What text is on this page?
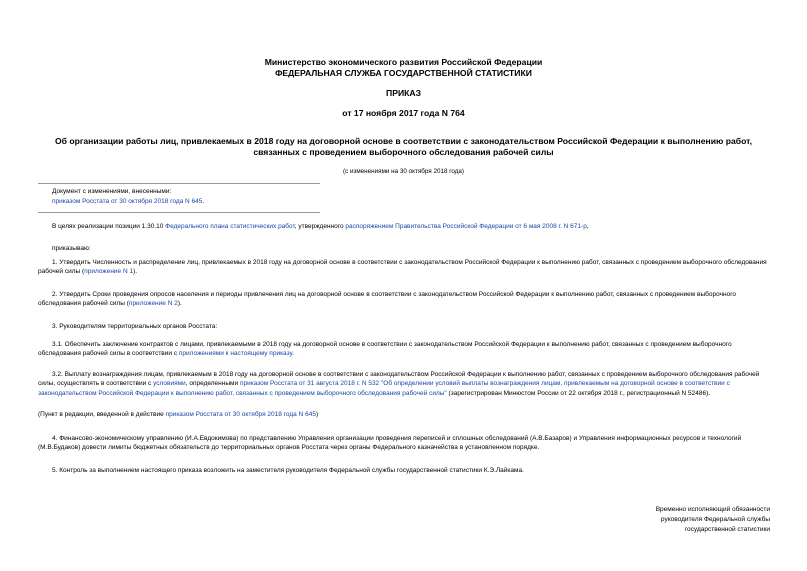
Министерство экономического развития Российской Федерации
ФЕДЕРАЛЬНАЯ СЛУЖБА ГОСУДАРСТВЕННОЙ СТАТИСТИКИ
ПРИКАЗ
от 17 ноября 2017 года N 764
Об организации работы лиц, привлекаемых в 2018 году на договорной основе в соответствии с законодательством Российской Федерации к выполнению работ,
связанных с проведением выборочного обследования рабочей силы
(с изменениями на 30 октября 2018 года)
Документ с изменениями, внесенными:
приказом Росстата от 30 октября 2018 года N 645.
В целях реализации позиции 1.30.10 Федерального плана статистических работ, утвержденного распоряжением Правительства Российской Федерации от 6 мая 2008 г. N 671-р,
приказываю:
1. Утвердить Численность и распределение лиц, привлекаемых в 2018 году на договорной основе в соответствии с законодательством Российской Федерации к выполнению работ, связанных с проведением выборочного обследования рабочей силы (приложение N 1).
2. Утвердить Сроки проведения опросов населения и периоды привлечения лиц на договорной основе в соответствии с законодательством Российской Федерации к выполнению работ, связанных с проведением выборочного обследования рабочей силы (приложение N 2).
3. Руководителям территориальных органов Росстата:
3.1. Обеспечить заключение контрактов с лицами, привлекаемыми в 2018 году на договорной основе в соответствии с законодательством Российской Федерации к выполнению работ, связанных с проведением выборочного обследования рабочей силы в соответствии с приложениями к настоящему приказу.
3.2. Выплату вознаграждения лицам, привлекаемым в 2018 году на договорной основе в соответствии с законодательством Российской Федерации к выполнению работ, связанных с проведением выборочного обследования рабочей силы, осуществлять в соответствии с условиями, определенными приказом Росстата от 31 августа 2018 г. N 532 "Об определении условий выплаты вознаграждения лицам, привлекаемым на договорной основе в соответствии с законодательством Российской Федерации к выполнению работ, связанных с проведением выборочного обследования рабочей силы" (зарегистрирован Минюстом России от 22 октября 2018 г., регистрационный N 52486).
(Пункт в редакции, введенной в действие приказом Росстата от 30 октября 2018 года N 645)
4. Финансово-экономическому управлению (И.А.Евдокимова) по представлению Управления организации проведения переписей и сплошных обследований (А.В.Базаров) и Управления информационных ресурсов и технологий (М.В.Будаков) довести лимиты бюджетных обязательств до территориальных органов Росстата через органы Федерального казначейства в установленном порядке.
5. Контроль за выполнением настоящего приказа возложить на заместителя руководителя Федеральной службы государственной статистики К.Э.Лайкама.
Временно исполняющий обязанности
руководителя Федеральной службы
государственной статистики
